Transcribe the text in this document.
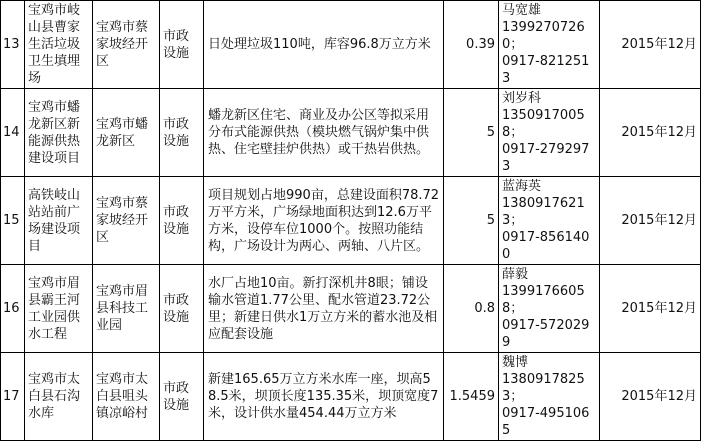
13	宝鸡市岐山县曹家生活垃圾卫生填埋场	宝鸡市蔡家坡经开区	市政设施	日处理垃圾110吨，库容96.8万立方米	0.39	马宽雄
13992707260；
0917-8212513	2015年12月
14	宝鸡市蟠龙新区新能源供热建设项目	宝鸡市蟠龙新区	市政设施	蟠龙新区住宅、商业及办公区等拟采用分布式能源供热（模块燃气锅炉集中供热、住宅壁挂炉供热）或干热岩供热。	5	刘岁科
13509170058；
0917-2792973	2015年12月
15	高铁岐山站站前广场建设项目	宝鸡市蔡家坡经开区	市政设施	项目规划占地990亩，总建设面积78.72万平方米，广场绿地面积达到12.6万平方米，设停车位1000个。按照功能结构，广场设计为两心、两轴、八片区。	5	蓝海英
13809176213；
0917-8561400	2015年12月
16	宝鸡市眉县霸王河工业园供水工程	宝鸡市眉县科技工业园	市政设施	水厂占地10亩。新打深机井8眼；铺设输水管道1.77公里、配水管道23.72公里；新建日供水1万立方米的蓄水池及相应配套设施	0.8	薛毅
13991766058；
0917-5720299	2015年12月
17	宝鸡市太白县石沟水库	宝鸡市太白县咀头镇凉峪村	市政设施	新建165.65万立方米水库一座，坝高58.5米，坝顶长度135.35米，坝顶宽度7米，设计供水量454.44万立方米	1.5459	魏博
13809178253；
0917-4951065	2015年12月
